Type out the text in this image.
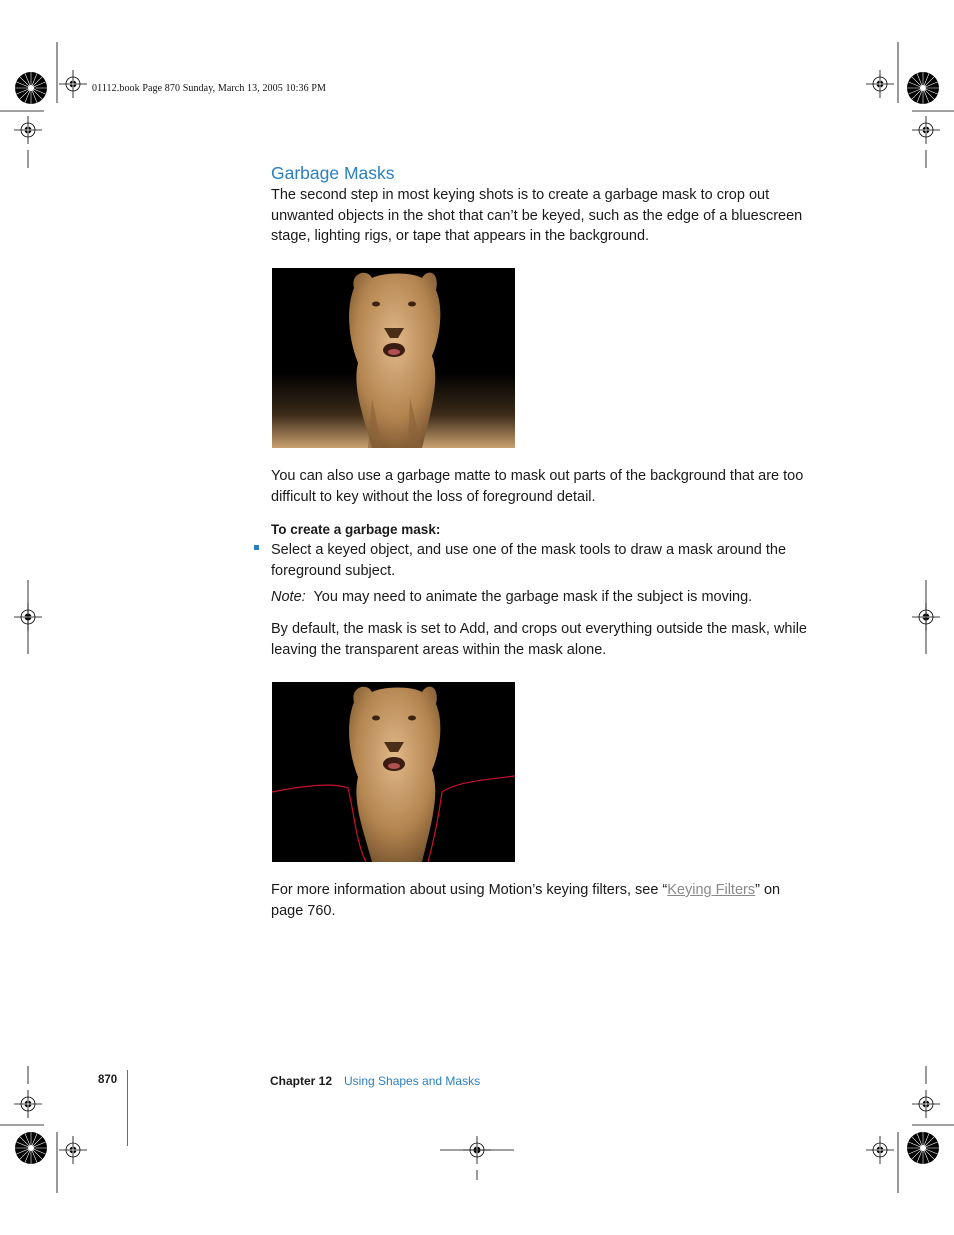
01112.book Page 870 Sunday, March 13, 2005 10:36 PM
Garbage Masks
The second step in most keying shots is to create a garbage mask to crop out
unwanted objects in the shot that can’t be keyed, such as the edge of a bluescreen
stage, lighting rigs, or tape that appears in the background.
You can also use a garbage matte to mask out parts of the background that are too
difficult to key without the loss of foreground detail.
To create a garbage mask:
Select a keyed object, and use one of the mask tools to draw a mask around the
foreground subject.
Note: You may need to animate the garbage mask if the subject is moving.
By default, the mask is set to Add, and crops out everything outside the mask, while
leaving the transparent areas within the mask alone.
For more information about using Motion’s keying filters, see “Keying Filters” on
page 760.
870	Chapter 12 Using Shapes and Masks
